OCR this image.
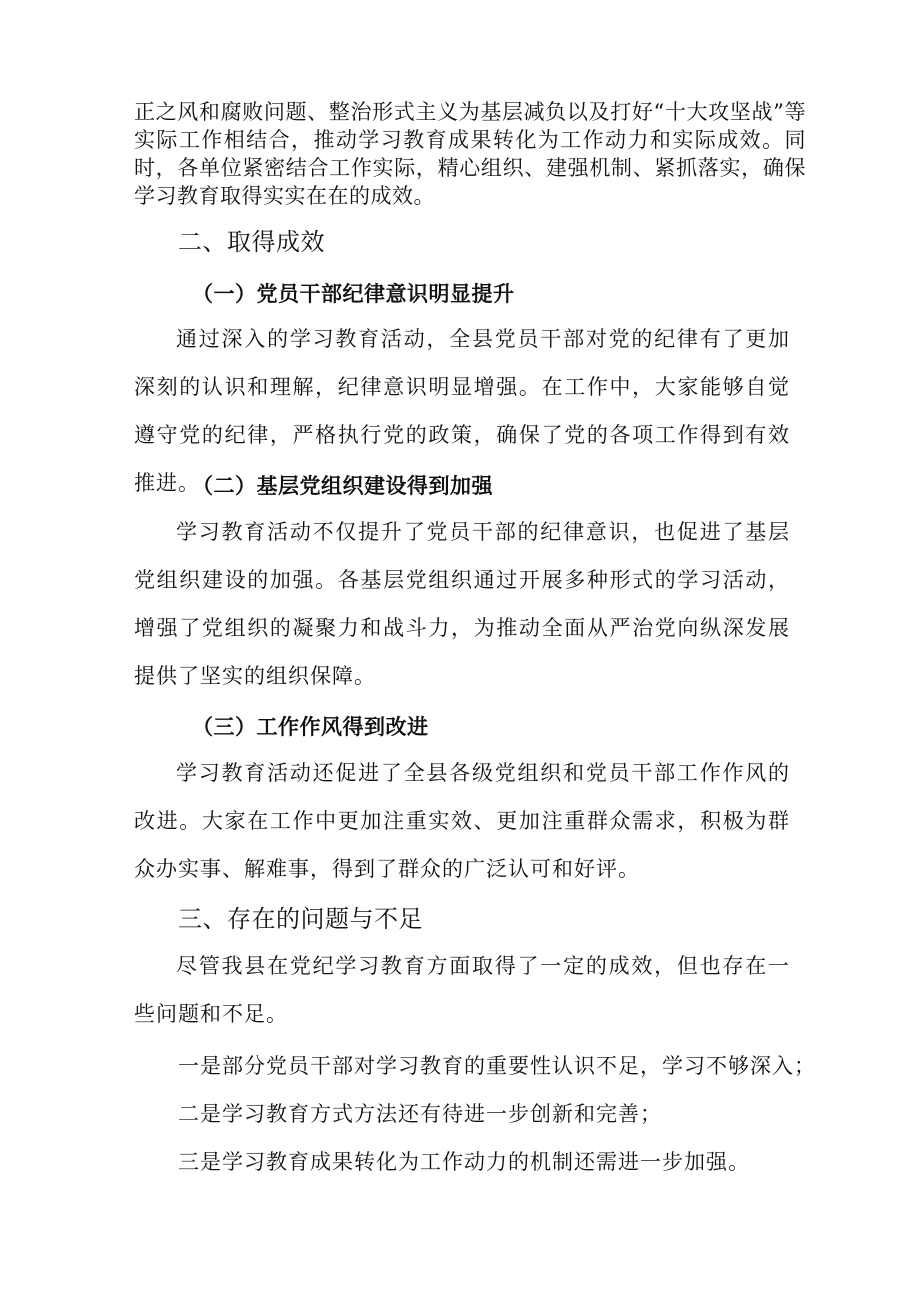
正之风和腐败问题、整治形式主义为基层减负以及打好“十大攻坚战”等实际工作相结合，推动学习教育成果转化为工作动力和实际成效。同时，各单位紧密结合工作实际，精心组织、建强机制、紧抓落实，确保学习教育取得实实在在的成效。

二、取得成效
（一）党员干部纪律意识明显提升

通过深入的学习教育活动，全县党员干部对党的纪律有了更加深刻的认识和理解，纪律意识明显增强。在工作中，大家能够自觉遵守党的纪律，严格执行党的政策，确保了党的各项工作得到有效推进。

（二）基层党组织建设得到加强

学习教育活动不仅提升了党员干部的纪律意识，也促进了基层党组织建设的加强。各基层党组织通过开展多种形式的学习活动，增强了党组织的凝聚力和战斗力，为推动全面从严治党向纵深发展提供了坚实的组织保障。

（三）工作作风得到改进

学习教育活动还促进了全县各级党组织和党员干部工作作风的改进。大家在工作中更加注重实效、更加注重群众需求，积极为群众办实事、解难事，得到了群众的广泛认可和好评。

三、存在的问题与不足

尽管我县在党纪学习教育方面取得了一定的成效，但也存在一些问题和不足。

一是部分党员干部对学习教育的重要性认识不足，学习不够深入；

二是学习教育方式方法还有待进一步创新和完善；

三是学习教育成果转化为工作动力的机制还需进一步加强。
